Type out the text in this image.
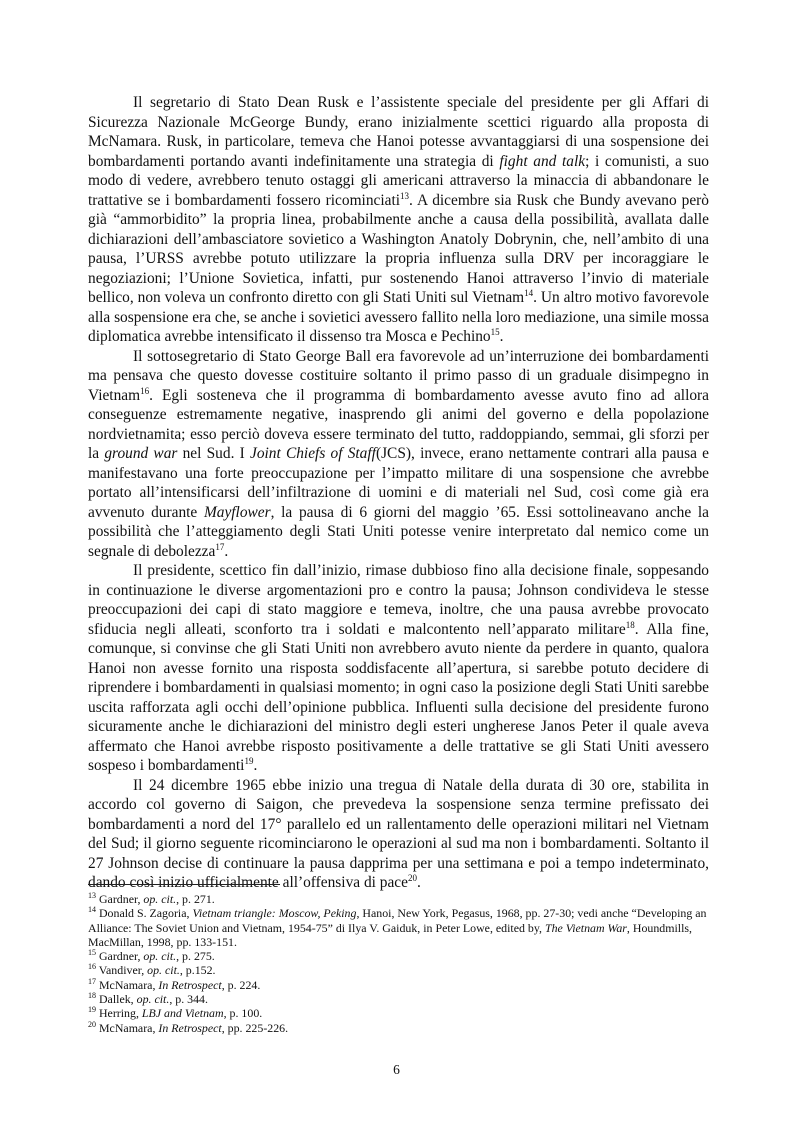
Il segretario di Stato Dean Rusk e l’assistente speciale del presidente per gli Affari di Sicurezza Nazionale McGeorge Bundy, erano inizialmente scettici riguardo alla proposta di McNamara. Rusk, in particolare, temeva che Hanoi potesse avvantaggiarsi di una sospensione dei bombardamenti portando avanti indefinitamente una strategia di fight and talk; i comunisti, a suo modo di vedere, avrebbero tenuto ostaggi gli americani attraverso la minaccia di abbandonare le trattative se i bombardamenti fossero ricominciati$^{13}$. A dicembre sia Rusk che Bundy avevano però già “ammorbidito” la propria linea, probabilmente anche a causa della possibilità, avallata dalle dichiarazioni dell’ambasciatore sovietico a Washington Anatoly Dobrynin, che, nell’ambito di una pausa, l’URSS avrebbe potuto utilizzare la propria influenza sulla DRV per incoraggiare le negoziazioni; l’Unione Sovietica, infatti, pur sostenendo Hanoi attraverso l’invio di materiale bellico, non voleva un confronto diretto con gli Stati Uniti sul Vietnam$^{14}$. Un altro motivo favorevole alla sospensione era che, se anche i sovietici avessero fallito nella loro mediazione, una simile mossa diplomatica avrebbe intensificato il dissenso tra Mosca e Pechino$^{15}$.

Il sottosegretario di Stato George Ball era favorevole ad un’interruzione dei bombardamenti ma pensava che questo dovesse costituire soltanto il primo passo di un graduale disimpegno in Vietnam$^{16}$. Egli sosteneva che il programma di bombardamento avesse avuto fino ad allora conseguenze estremamente negative, inasprendo gli animi del governo e della popolazione nordvietnamita; esso perciò doveva essere terminato del tutto, raddoppiando, semmai, gli sforzi per la ground war nel Sud. I Joint Chiefs of Staff(JCS), invece, erano nettamente contrari alla pausa e manifestavano una forte preoccupazione per l’impatto militare di una sospensione che avrebbe portato all’intensificarsi dell’infiltrazione di uomini e di materiali nel Sud, così come già era avvenuto durante Mayflower, la pausa di 6 giorni del maggio ’65. Essi sottolineavano anche la possibilità che l’atteggiamento degli Stati Uniti potesse venire interpretato dal nemico come un segnale di debolezza$^{17}$.

Il presidente, scettico fin dall’inizio, rimase dubbioso fino alla decisione finale, soppesando in continuazione le diverse argomentazioni pro e contro la pausa; Johnson condivideva le stesse preoccupazioni dei capi di stato maggiore e temeva, inoltre, che una pausa avrebbe provocato sfiducia negli alleati, sconforto tra i soldati e malcontento nell’apparato militare$^{18}$. Alla fine, comunque, si convinse che gli Stati Uniti non avrebbero avuto niente da perdere in quanto, qualora Hanoi non avesse fornito una risposta soddisfacente all’apertura, si sarebbe potuto decidere di riprendere i bombardamenti in qualsiasi momento; in ogni caso la posizione degli Stati Uniti sarebbe uscita rafforzata agli occhi dell’opinione pubblica. Influenti sulla decisione del presidente furono sicuramente anche le dichiarazioni del ministro degli esteri ungherese Janos Peter il quale aveva affermato che Hanoi avrebbe risposto positivamente a delle trattative se gli Stati Uniti avessero sospeso i bombardamenti$^{19}$.

Il 24 dicembre 1965 ebbe inizio una tregua di Natale della durata di 30 ore, stabilita in accordo col governo di Saigon, che prevedeva la sospensione senza termine prefissato dei bombardamenti a nord del 17° parallelo ed un rallentamento delle operazioni militari nel Vietnam del Sud; il giorno seguente ricominciarono le operazioni al sud ma non i bombardamenti. Soltanto il 27 Johnson decise di continuare la pausa dapprima per una settimana e poi a tempo indeterminato, dando così inizio ufficialmente all’offensiva di pace$^{20}$.

$^{13}$ Gardner, op. cit., p. 271.

$^{14}$ Donald S. Zagoria, Vietnam triangle: Moscow, Peking, Hanoi, New York, Pegasus, 1968, pp. 27-30; vedi anche “Developing an Alliance: The Soviet Union and Vietnam, 1954-75” di Ilya V. Gaiduk, in Peter Lowe, edited by, The Vietnam War, Houndmills, MacMillan, 1998, pp. 133-151.

$^{15}$ Gardner, op. cit., p. 275.

$^{16}$ Vandiver, op. cit., p.152.

$^{17}$ McNamara, In Retrospect, p. 224.

$^{18}$ Dallek, op. cit., p. 344.

$^{19}$ Herring, LBJ and Vietnam, p. 100.

$^{20}$ McNamara, In Retrospect, pp. 225-226.

6
